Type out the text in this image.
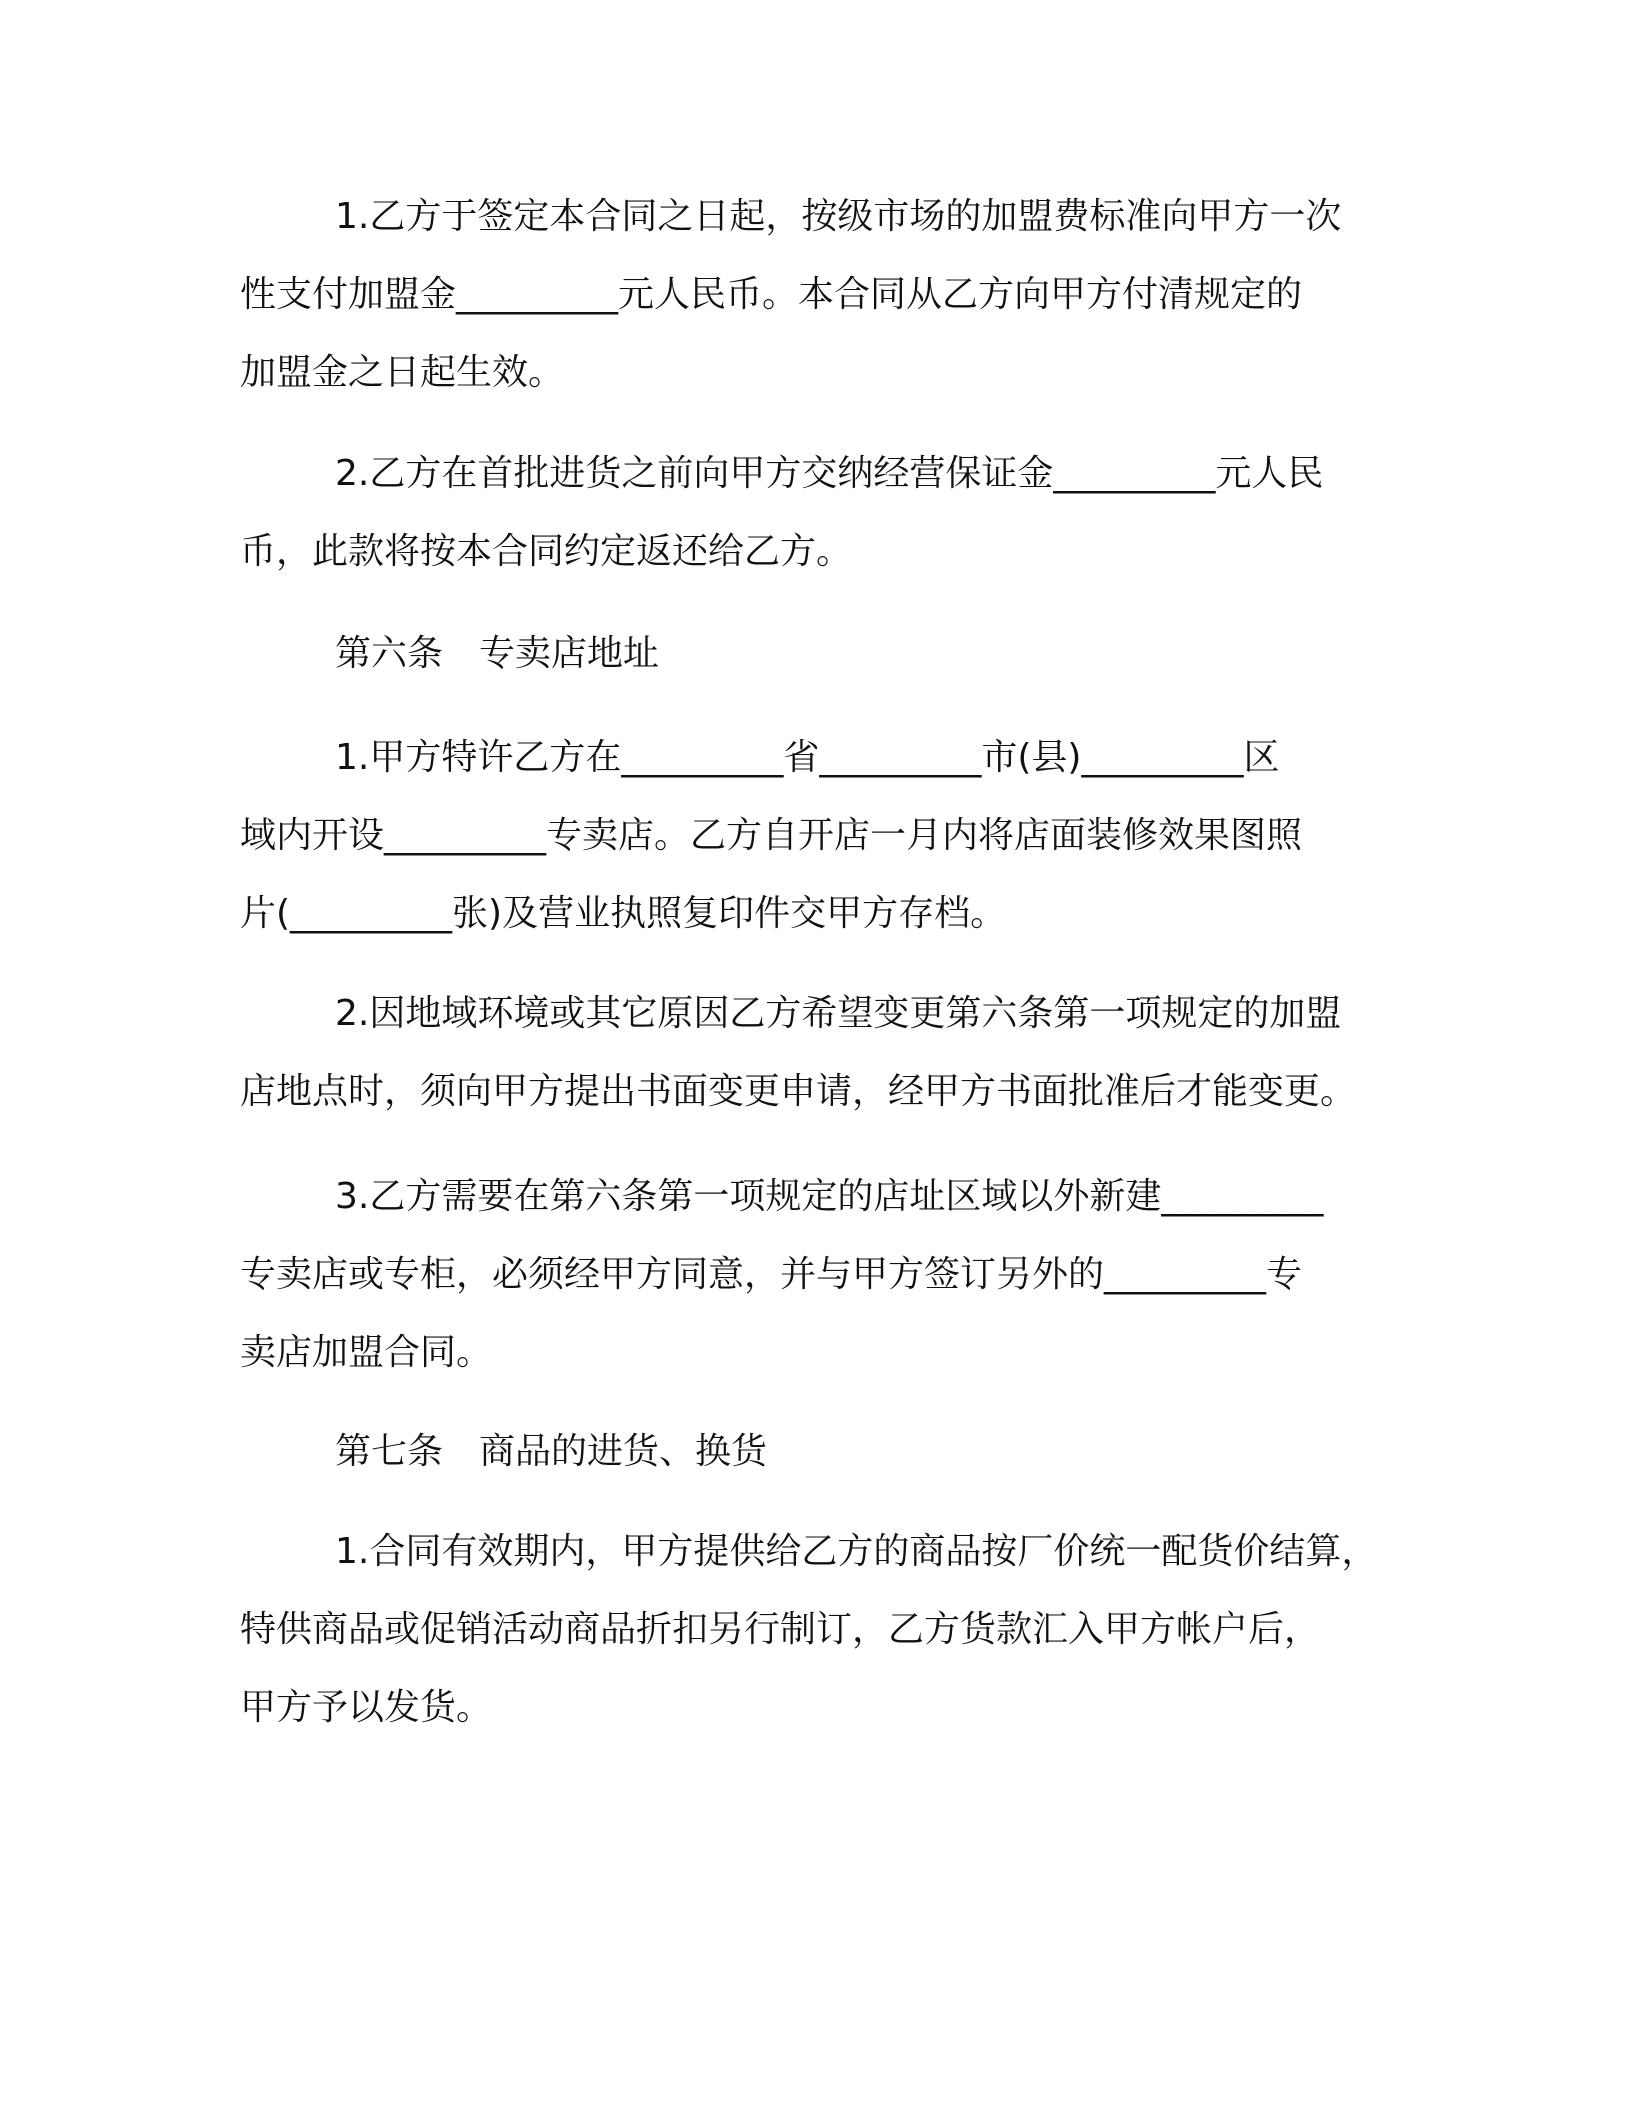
1.乙方于签定本合同之日起，按级市场的加盟费标准向甲方一次
性支付加盟金_________元人民币。本合同从乙方向甲方付清规定的
加盟金之日起生效。
2.乙方在首批进货之前向甲方交纳经营保证金_________元人民
币，此款将按本合同约定返还给乙方。
第六条　专卖店地址
1.甲方特许乙方在_________省_________市(县)_________区
域内开设_________专卖店。乙方自开店一月内将店面装修效果图照
片(_________张)及营业执照复印件交甲方存档。
2.因地域环境或其它原因乙方希望变更第六条第一项规定的加盟
店地点时，须向甲方提出书面变更申请，经甲方书面批准后才能变更。
3.乙方需要在第六条第一项规定的店址区域以外新建_________
专卖店或专柜，必须经甲方同意，并与甲方签订另外的_________专
卖店加盟合同。
第七条　商品的进货、换货
1.合同有效期内，甲方提供给乙方的商品按厂价统一配货价结算，
特供商品或促销活动商品折扣另行制订，乙方货款汇入甲方帐户后，
甲方予以发货。
